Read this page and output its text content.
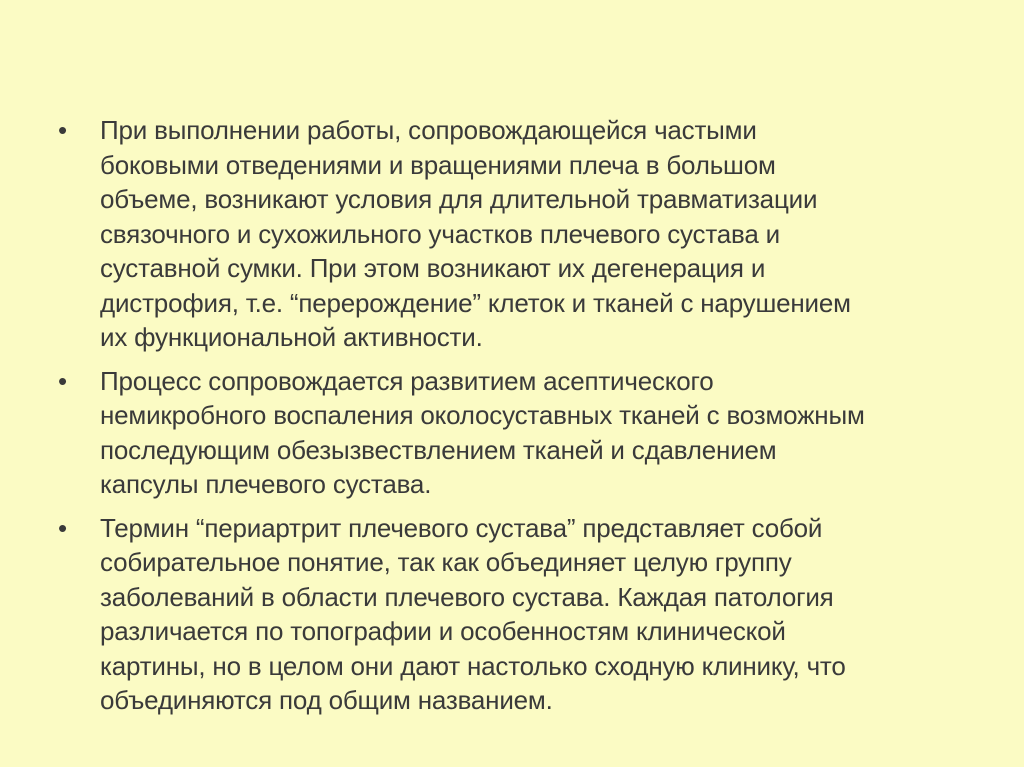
•	При выполнении работы, сопровождающейся частыми
боковыми отведениями и вращениями плеча в большом
объеме, возникают условия для длительной травматизации
связочного и сухожильного участков плечевого сустава и
суставной сумки. При этом возникают их дегенерация и
дистрофия, т.е. “перерождение” клеток и тканей с нарушением
их функциональной активности.
•	Процесс сопровождается развитием асептического
немикробного воспаления околосуставных тканей с возможным
последующим обезызвествлением тканей и сдавлением
капсулы плечевого сустава.
•	Термин “периартрит плечевого сустава” представляет собой
собирательное понятие, так как объединяет целую группу
заболеваний в области плечевого сустава. Каждая патология
различается по топографии и особенностям клинической
картины, но в целом они дают настолько сходную клинику, что
объединяются под общим названием.
